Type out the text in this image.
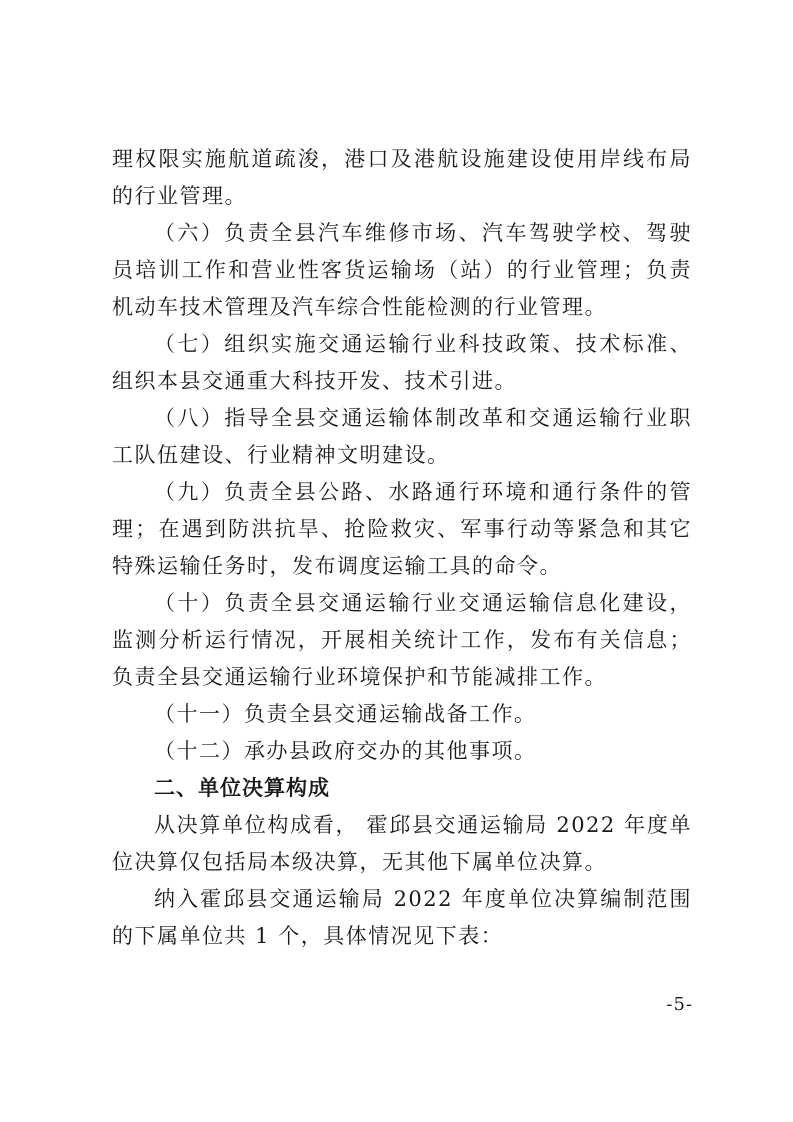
理权限实施航道疏浚，港口及港航设施建设使用岸线布局的行业管理。

（六）负责全县汽车维修市场、汽车驾驶学校、驾驶员培训工作和营业性客货运输场（站）的行业管理；负责机动车技术管理及汽车综合性能检测的行业管理。

（七）组织实施交通运输行业科技政策、技术标准、组织本县交通重大科技开发、技术引进。

（八）指导全县交通运输体制改革和交通运输行业职工队伍建设、行业精神文明建设。

（九）负责全县公路、水路通行环境和通行条件的管理；在遇到防洪抗旱、抢险救灾、军事行动等紧急和其它特殊运输任务时，发布调度运输工具的命令。

（十）负责全县交通运输行业交通运输信息化建设，监测分析运行情况，开展相关统计工作，发布有关信息；负责全县交通运输行业环境保护和节能减排工作。

（十一）负责全县交通运输战备工作。

（十二）承办县政府交办的其他事项。

二、单位决算构成

从决算单位构成看， 霍邱县交通运输局 2022 年度单位决算仅包括局本级决算，无其他下属单位决算。

纳入霍邱县交通运输局 2022 年度单位决算编制范围的下属单位共 1 个，具体情况见下表：

-5-
